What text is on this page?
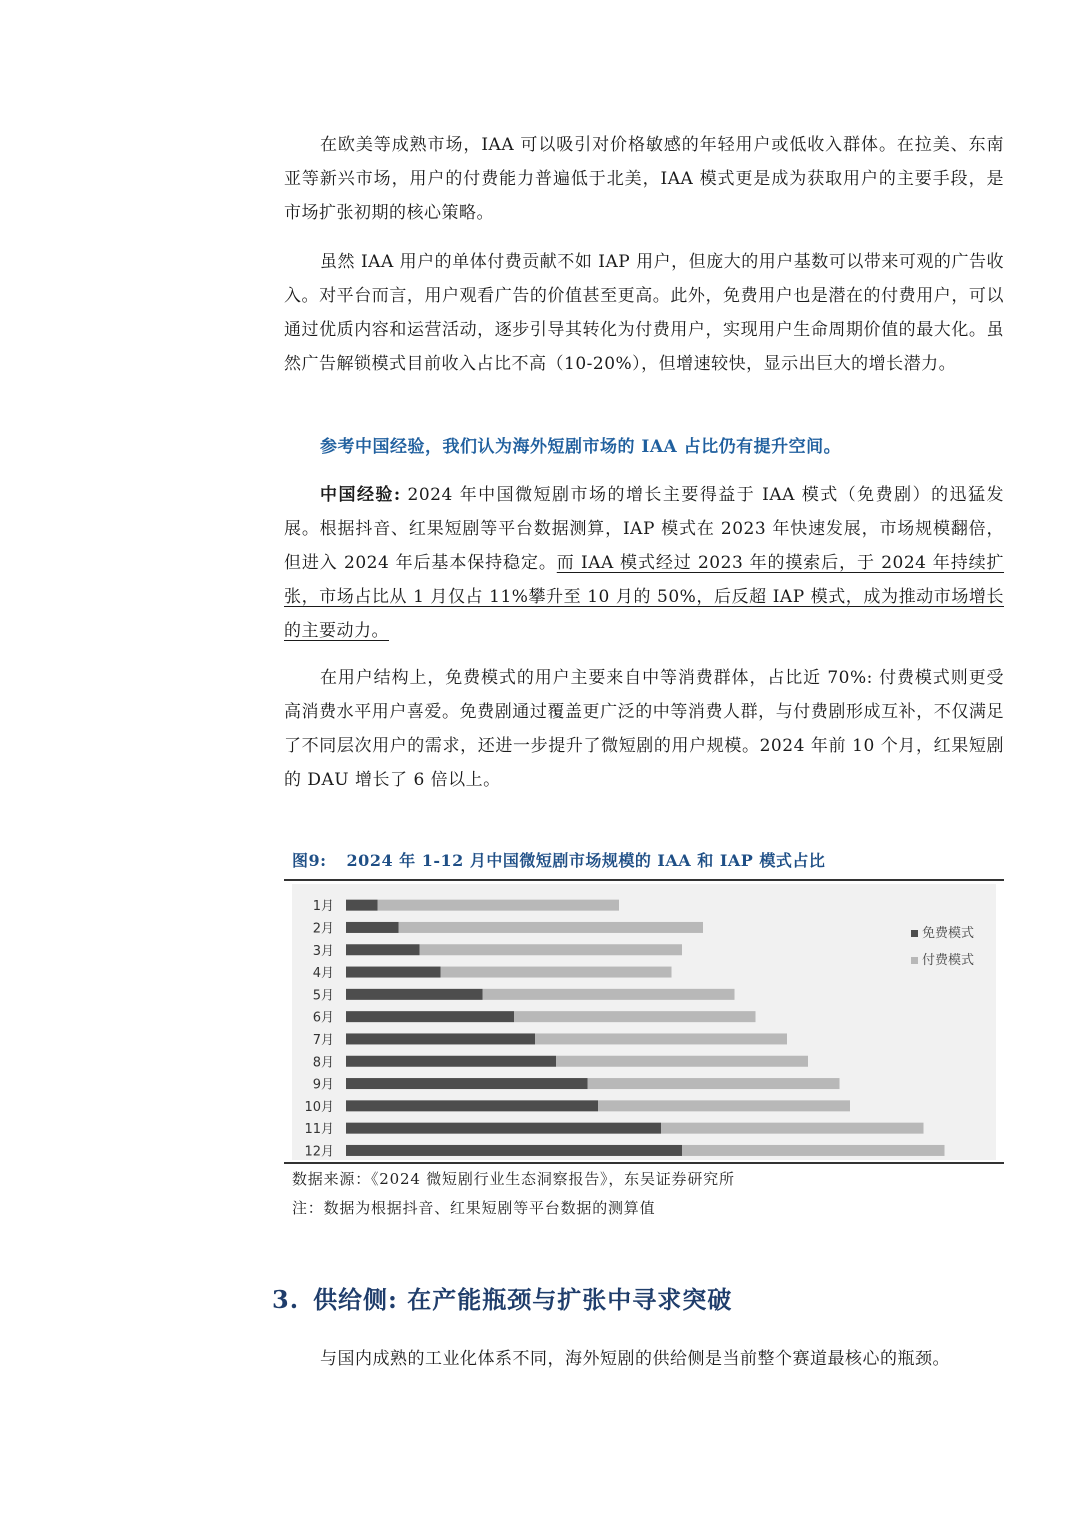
在欧美等成熟市场，IAA 可以吸引对价格敏感的年轻用户或低收入群体。在拉美、东南亚等新兴市场，用户的付费能力普遍低于北美，IAA 模式更是成为获取用户的主要手段，是市场扩张初期的核心策略。

虽然 IAA 用户的单体付费贡献不如 IAP 用户，但庞大的用户基数可以带来可观的广告收入。对平台而言，用户观看广告的价值甚至更高。此外，免费用户也是潜在的付费用户，可以通过优质内容和运营活动，逐步引导其转化为付费用户，实现用户生命周期价值的最大化。虽然广告解锁模式目前收入占比不高（10-20%），但增速较快，显示出巨大的增长潜力。

参考中国经验，我们认为海外短剧市场的 IAA 占比仍有提升空间。

中国经验: 2024 年中国微短剧市场的增长主要得益于 IAA 模式（免费剧）的迅猛发展。根据抖音、红果短剧等平台数据测算，IAP 模式在 2023 年快速发展，市场规模翻倍，但进入 2024 年后基本保持稳定。而 IAA 模式经过 2023 年的摸索后，于 2024 年持续扩张，市场占比从 1 月仅占 11%攀升至 10 月的 50%，后反超 IAP 模式，成为推动市场增长的主要动力。

在用户结构上，免费模式的用户主要来自中等消费群体，占比近 70%: 付费模式则更受高消费水平用户喜爱。免费剧通过覆盖更广泛的中等消费人群，与付费剧形成互补，不仅满足了不同层次用户的需求，还进一步提升了微短剧的用户规模。2024 年前 10 个月，红果短剧的 DAU 增长了 6 倍以上。

图9: 2024 年 1-12 月中国微短剧市场规模的 IAA 和 IAP 模式占比
1月
2月
3月
4月
5月
6月
7月
8月
9月
10月
11月
12月
免费模式
付费模式
数据来源：《2024 微短剧行业生态洞察报告》，东吴证券研究所
注：数据为根据抖音、红果短剧等平台数据的测算值
3. 供给侧: 在产能瓶颈与扩张中寻求突破

与国内成熟的工业化体系不同，海外短剧的供给侧是当前整个赛道最核心的瓶颈。
